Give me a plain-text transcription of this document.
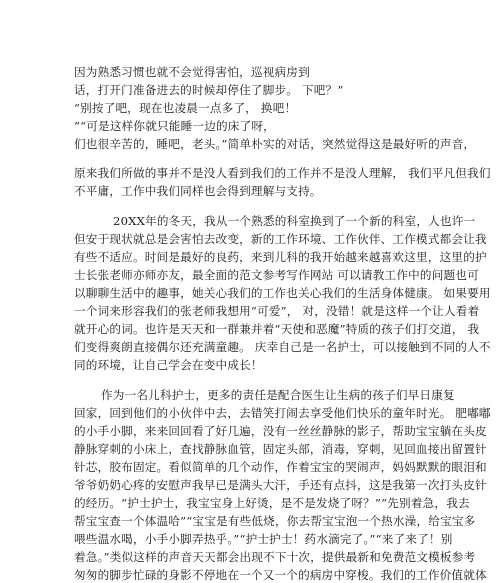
因为熟悉习惯也就不会觉得害怕，巡视病房到
话，打开门准备进去的时候却停住了脚步。 下吧？”
“别按了吧，现在也凌晨一点多了， 换吧！
”“可是这样你就只能睡一边的床了呀，
们也很辛苦的，睡吧，老头。”简单朴实的对话，突然觉得这是最好听的声音，
原来我们所做的事并不是没人看到我们的工作并不是没人理解， 我们平凡但我们
不平庸，工作中我们同样也会得到理解与支持。
20XX年的冬天，我从一个熟悉的科室换到了一个新的科室，人也许一
但安于现状就总是会害怕去改变，新的工作环境、工作伙伴、工作模式都会让我
有些不适应。时间是最好的良药，来到儿科的我开始越来越喜欢这里，这里的护
士长张老师亦师亦友，最全面的范文参考写作网站 可以请教工作中的问题也可
以聊聊生活中的趣事，她关心我们的工作也关心我们的生活身体健康。 如果要用
一个词来形容我们的张老师我想用“可爱”， 对，没错！就是这样一个让人看着
就开心的词。也许是天天和一群兼并着“天使和恶魔”特质的孩子们打交道， 我
们变得爽朗直接偶尔还充满童趣。 庆幸自己是一名护士，可以接触到不同的人不
同的环境，让自己学会在变中成长！
作为一名儿科护士，更多的责任是配合医生让生病的孩子们早日康复
回家，回到他们的小伙伴中去，去错笑打闹去享受他们快乐的童年时光。 肥嘟嘟
的小手小脚，来来回回看了好几遍，没有一丝丝静脉的影子，帮助宝宝躺在头皮
静脉穿刺的小床上，查找静脉血管，固定头部，消毒，穿刺，见回血接出留置针
针芯，胶布固定。看似简单的几个动作，作着宝宝的哭闹声，妈妈默默的眼泪和
爷爷奶奶心疼的安慰声我早已是满头大汗，手还有点抖，这是我第一次打头皮针
的经历。“护士护士，我宝宝身上好烫，是不是发烧了呀？”“先别着急，我去
帮宝宝查一个体温哈”“宝宝是有些低烧，你去帮宝宝泡一个热水澡，给宝宝多
喂些温水喝，小手小脚弄热乎。”“护士护士！药水滴完了。”“来了来了！别
着急。”类似这样的声音天天都会出现不下十次，提供最新和免费范文模板参考
匆匆的脚步忙碌的身影不停地在一个又一个的病房中穿梭。我们的工作价值就体
